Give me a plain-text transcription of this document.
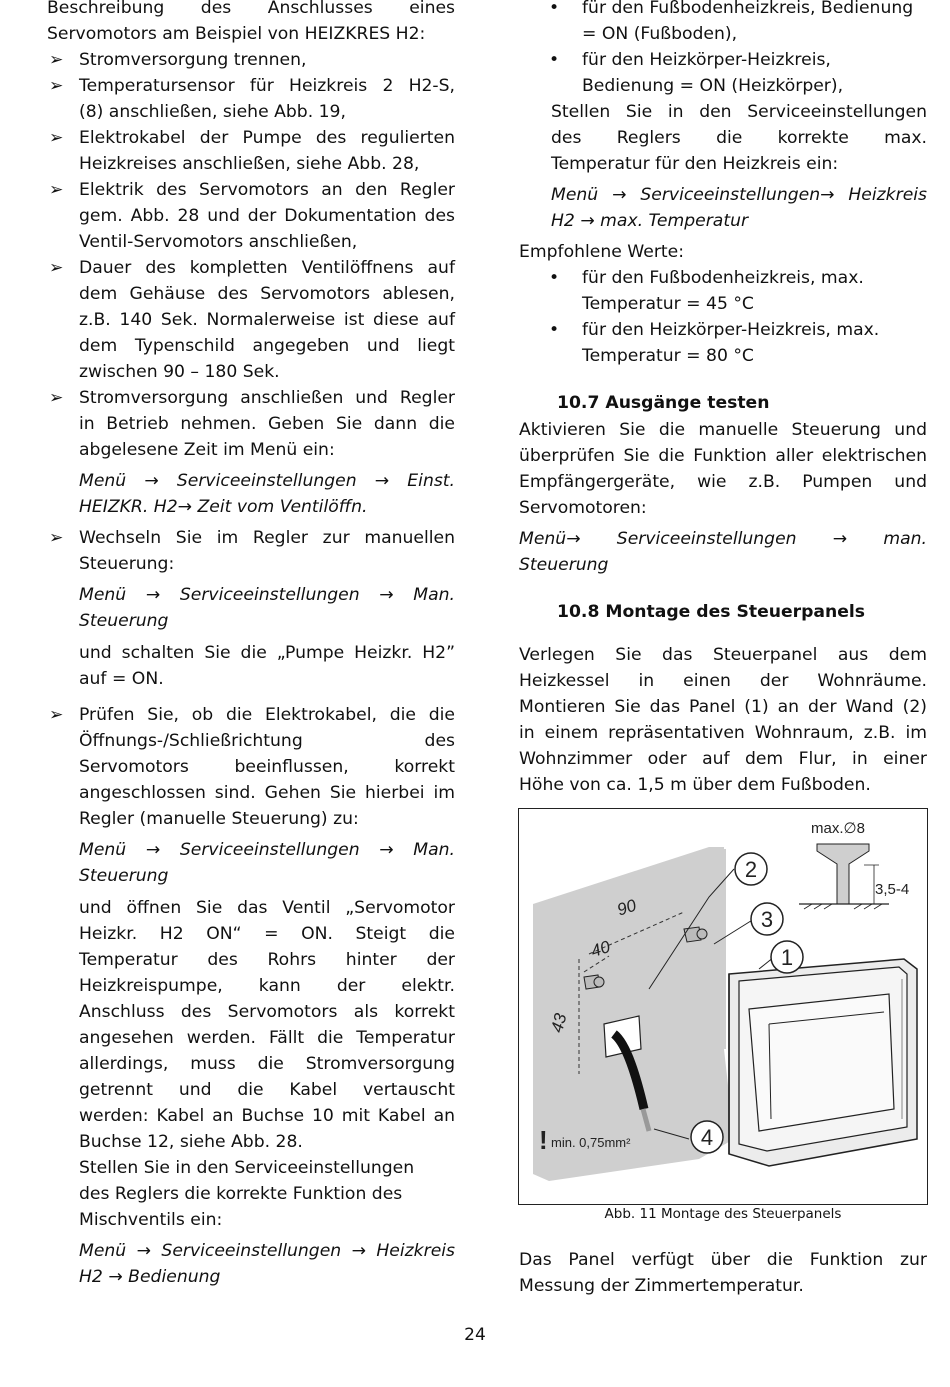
Beschreibung des Anschlusses eines
Servomotors am Beispiel von HEIZKRES H2:
➢ Stromversorgung trennen,
➢ Temperatursensor für Heizkreis 2 H2-S,
(8) anschließen, siehe Abb. 19,
➢ Elektrokabel der Pumpe des regulierten
Heizkreises anschließen, siehe Abb. 28,
➢ Elektrik des Servomotors an den Regler
gem. Abb. 28 und der Dokumentation des
Ventil-Servomotors anschließen,
➢ Dauer des kompletten Ventilöffnens auf
dem Gehäuse des Servomotors ablesen,
z.B. 140 Sek. Normalerweise ist diese auf
dem Typenschild angegeben und liegt
zwischen 90 – 180 Sek.
➢ Stromversorgung anschließen und Regler
in Betrieb nehmen. Geben Sie dann die
abgelesene Zeit im Menü ein:
Menü → Serviceeinstellungen → Einst.
HEIZKR. H2→ Zeit vom Ventilöffn.
➢ Wechseln Sie im Regler zur manuellen
Steuerung:
Menü → Serviceeinstellungen → Man.
Steuerung
und schalten Sie die „Pumpe Heizkr. H2”
auf = ON.
➢ Prüfen Sie, ob die Elektrokabel, die die
Öffnungs-/Schließrichtung des
Servomotors beeinflussen, korrekt
angeschlossen sind. Gehen Sie hierbei im
Regler (manuelle Steuerung) zu:
Menü → Serviceeinstellungen → Man.
Steuerung
und öffnen Sie das Ventil „Servomotor
Heizkr. H2 ON“ = ON. Steigt die
Temperatur des Rohrs hinter der
Heizkreispumpe, kann der elektr.
Anschluss des Servomotors als korrekt
angesehen werden. Fällt die Temperatur
allerdings, muss die Stromversorgung
getrennt und die Kabel vertauscht
werden: Kabel an Buchse 10 mit Kabel an
Buchse 12, siehe Abb. 28.
Stellen Sie in den Serviceeinstellungen
des Reglers die korrekte Funktion des
Mischventils ein:
Menü → Serviceeinstellungen → Heizkreis
H2 → Bedienung
•	für den Fußbodenheizkreis, Bedienung
= ON (Fußboden),
•	für den Heizkörper-Heizkreis,
Bedienung = ON (Heizkörper),
Stellen Sie in den Serviceeinstellungen
des Reglers die korrekte max.
Temperatur für den Heizkreis ein:
Menü → Serviceeinstellungen→ Heizkreis
H2 → max. Temperatur
Empfohlene Werte:
•	für den Fußbodenheizkreis, max.
Temperatur = 45 °C
•	für den Heizkörper-Heizkreis, max.
Temperatur = 80 °C
10.7 Ausgänge testen
Aktivieren Sie die manuelle Steuerung und
überprüfen Sie die Funktion aller elektrischen
Empfängergeräte, wie z.B. Pumpen und
Servomotoren:
Menü→ Serviceeinstellungen → man.
Steuerung
10.8 Montage des Steuerpanels
Verlegen Sie das Steuerpanel aus dem
Heizkessel in einen der Wohnräume.
Montieren Sie das Panel (1) an der Wand (2)
in einem repräsentativen Wohnraum, z.B. im
Wohnzimmer oder auf dem Flur, in einer
Höhe von ca. 1,5 m über dem Fußboden.
Das Panel verfügt über die Funktion zur
Messung der Zimmertemperatur.
max.∅8
3,5-4
90
40
43
1
2
3
4
! min. 0,75mm²
Abb. 11 Montage des Steuerpanels
24
